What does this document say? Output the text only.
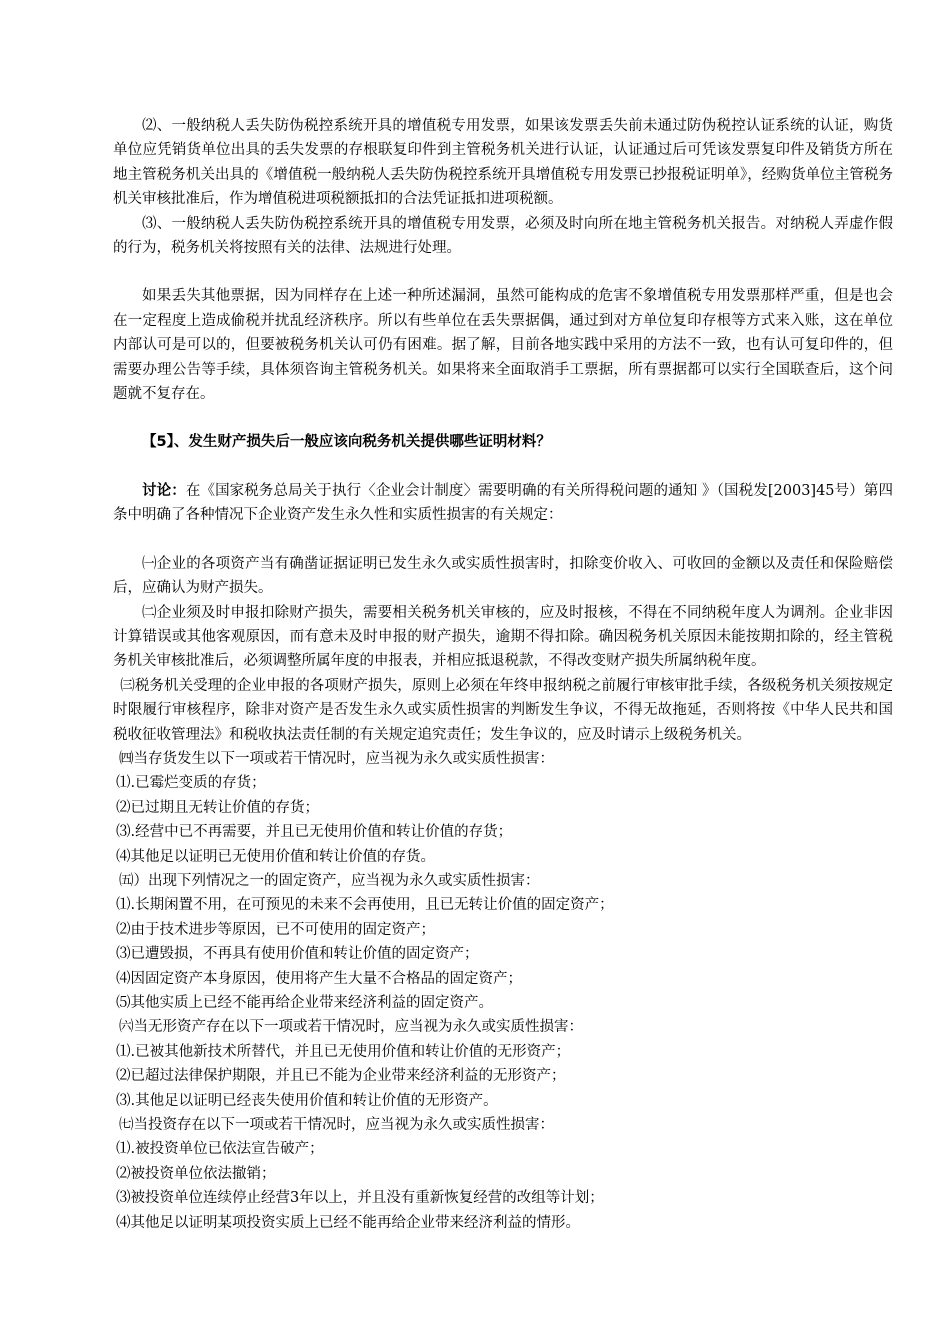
⑵、一般纳税人丢失防伪税控系统开具的增值税专用发票，如果该发票丢失前未通过防伪税控认证系统的认证，购货单位应凭销货单位出具的丢失发票的存根联复印件到主管税务机关进行认证，认证通过后可凭该发票复印件及销货方所在地主管税务机关出具的《增值税一般纳税人丢失防伪税控系统开具增值税专用发票已抄报税证明单》，经购货单位主管税务机关审核批准后，作为增值税进项税额抵扣的合法凭证抵扣进项税额。

⑶、一般纳税人丢失防伪税控系统开具的增值税专用发票，必须及时向所在地主管税务机关报告。对纳税人弄虚作假的行为，税务机关将按照有关的法律、法规进行处理。

如果丢失其他票据，因为同样存在上述一种所述漏洞，虽然可能构成的危害不象增值税专用发票那样严重，但是也会在一定程度上造成偷税并扰乱经济秩序。所以有些单位在丢失票据偶，通过到对方单位复印存根等方式来入账，这在单位内部认可是可以的，但要被税务机关认可仍有困难。据了解，目前各地实践中采用的方法不一致，也有认可复印件的，但需要办理公告等手续，具体须咨询主管税务机关。如果将来全面取消手工票据，所有票据都可以实行全国联查后，这个问题就不复存在。

【5】、发生财产损失后一般应该向税务机关提供哪些证明材料？

讨论：在《国家税务总局关于执行〈企业会计制度〉需要明确的有关所得税问题的通知 》（国税发[2003]45号）第四条中明确了各种情况下企业资产发生永久性和实质性损害的有关规定：

㈠企业的各项资产当有确凿证据证明已发生永久或实质性损害时，扣除变价收入、可收回的金额以及责任和保险赔偿后，应确认为财产损失。

㈡企业须及时申报扣除财产损失，需要相关税务机关审核的，应及时报核，不得在不同纳税年度人为调剂。企业非因计算错误或其他客观原因，而有意未及时申报的财产损失，逾期不得扣除。确因税务机关原因未能按期扣除的，经主管税务机关审核批准后，必须调整所属年度的申报表，并相应抵退税款，不得改变财产损失所属纳税年度。

㈢税务机关受理的企业申报的各项财产损失，原则上必须在年终申报纳税之前履行审核审批手续，各级税务机关须按规定时限履行审核程序，除非对资产是否发生永久或实质性损害的判断发生争议，不得无故拖延，否则将按《中华人民共和国税收征收管理法》和税收执法责任制的有关规定追究责任；发生争议的，应及时请示上级税务机关。

㈣当存货发生以下一项或若干情况时，应当视为永久或实质性损害：

⑴.已霉烂变质的存货；

⑵已过期且无转让价值的存货；

⑶.经营中已不再需要，并且已无使用价值和转让价值的存货；

⑷其他足以证明已无使用价值和转让价值的存货。

㈤）出现下列情况之一的固定资产，应当视为永久或实质性损害：

⑴.长期闲置不用，在可预见的未来不会再使用，且已无转让价值的固定资产；

⑵由于技术进步等原因，已不可使用的固定资产；

⑶已遭毁损，不再具有使用价值和转让价值的固定资产；

⑷因固定资产本身原因，使用将产生大量不合格品的固定资产；

⑸其他实质上已经不能再给企业带来经济利益的固定资产。

㈥当无形资产存在以下一项或若干情况时，应当视为永久或实质性损害：

⑴.已被其他新技术所替代，并且已无使用价值和转让价值的无形资产；

⑵已超过法律保护期限，并且已不能为企业带来经济利益的无形资产；

⑶.其他足以证明已经丧失使用价值和转让价值的无形资产。

㈦当投资存在以下一项或若干情况时，应当视为永久或实质性损害：

⑴.被投资单位已依法宣告破产；

⑵被投资单位依法撤销；

⑶被投资单位连续停止经营3年以上，并且没有重新恢复经营的改组等计划；

⑷其他足以证明某项投资实质上已经不能再给企业带来经济利益的情形。
